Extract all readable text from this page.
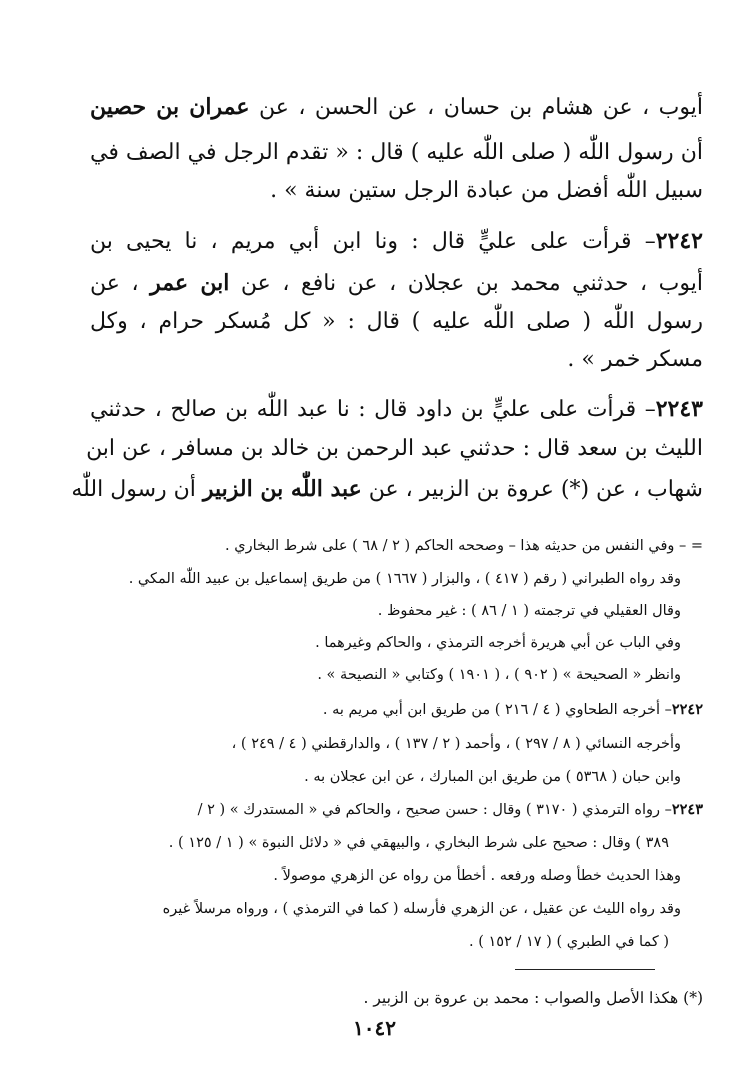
أيوب ، عن هشام بن حسان ، عن الحسن ، عن عمران بن حصين
أن رسول اللّٰه ( صلى اللّٰه عليه ) قال : « تقدم الرجل في الصف في
سبيل اللّٰه أفضل من عبادة الرجل ستين سنة » .
٢٢٤٢– قرأت على عليٍّ قال : ونا ابن أبي مريم ، نا يحيى بن
أيوب ، حدثني محمد بن عجلان ، عن نافع ، عن ابن عمر ، عن
رسول اللّٰه ( صلى اللّٰه عليه ) قال : « كل مُسكر حرام ، وكل
مسكر خمر » .
٢٢٤٣– قرأت على عليٍّ بن داود قال : نا عبد اللّٰه بن صالح ، حدثني
الليث بن سعد قال : حدثني عبد الرحمن بن خالد بن مسافر ، عن ابن
شهاب ، عن (*) عروة بن الزبير ، عن عبد اللّٰه بن الزبير أن رسول اللّٰه
= – وفي النفس من حديثه هذا – وصححه الحاكم ( ٢ / ٦٨ ) على شرط البخاري .
وقد رواه الطبراني ( رقم ( ٤١٧ ) ، والبزار ( ١٦٦٧ ) من طريق إسماعيل بن عبيد اللّٰه المكي .
وقال العقيلي في ترجمته ( ١ / ٨٦ ) : غير محفوظ .
وفي الباب عن أبي هريرة أخرجه الترمذي ، والحاكم وغيرهما .
وانظر « الصحيحة » ( ٩٠٢ ) ، ( ١٩٠١ ) وكتابي « النصيحة » .
٢٢٤٢– أخرجه الطحاوي ( ٤ / ٢١٦ ) من طريق ابن أبي مريم به .
وأخرجه النسائي ( ٨ / ٢٩٧ ) ، وأحمد ( ٢ / ١٣٧ ) ، والدارقطني ( ٤ / ٢٤٩ ) ،
وابن حبان ( ٥٣٦٨ ) من طريق ابن المبارك ، عن ابن عجلان به .
٢٢٤٣– رواه الترمذي ( ٣١٧٠ ) وقال : حسن صحيح ، والحاكم في « المستدرك » ( ٢ /
٣٨٩ ) وقال : صحيح على شرط البخاري ، والبيهقي في « دلائل النبوة » ( ١ / ١٢٥ ) .
وهذا الحديث خطأ وصله ورفعه . أخطأ من رواه عن الزهري موصولاً .
وقد رواه الليث عن عقيل ، عن الزهري فأرسله ( كما في الترمذي ) ، ورواه مرسلاً غيره
( كما في الطبري ) ( ١٧ / ١٥٢ ) .
(*) هكذا الأصل والصواب : محمد بن عروة بن الزبير .
١٠٤٢
